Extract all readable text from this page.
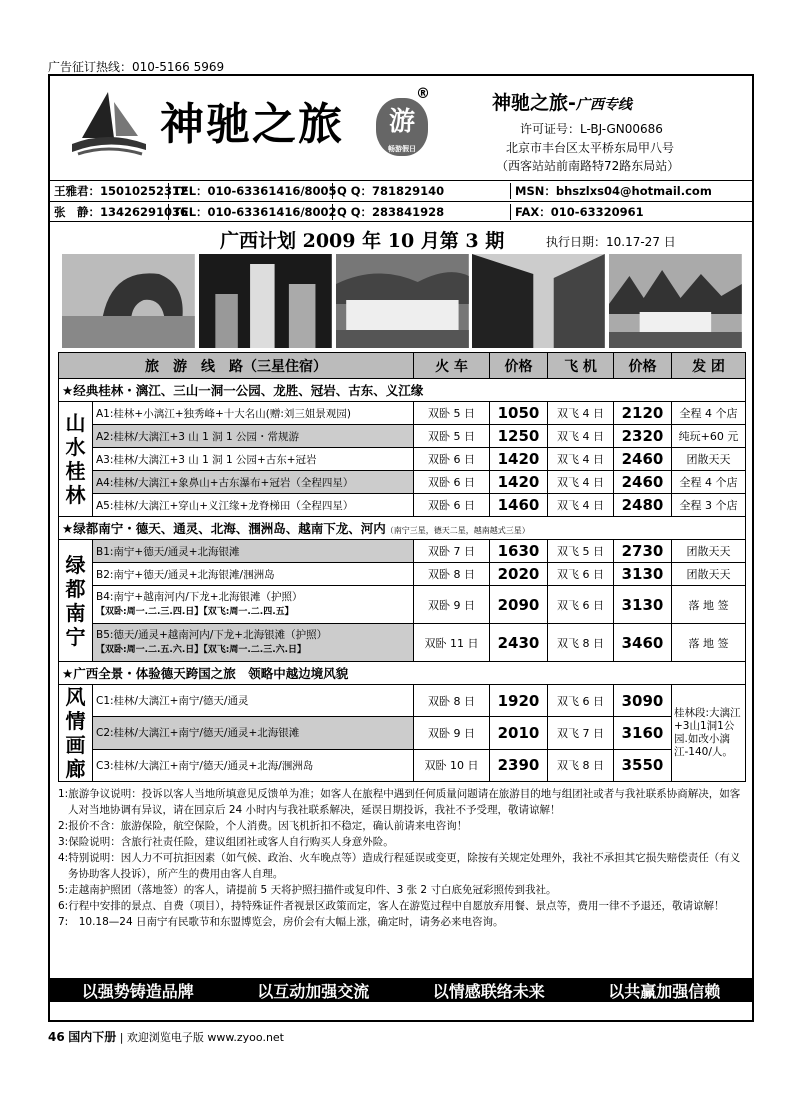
广告征订热线：010-5166 5969
神驰之旅	游
畅游假日
®	神驰之旅-广西专线
许可证号：L-BJ-GN00686
北京市丰台区太平桥东局甲八号
（西客站站前南路特72路东局站）
王雅君：15010252312
TEL：010-63361416/8005 Q Q：781829140	MSN：bhszlxs04@hotmail.com
张　静：13426291036
TEL：010-63361416/8002 Q Q：283841928	FAX：010-63320961
广西计划 2009 年 10 月第 3 期	执行日期：10.17-27 日
旅　游　线　路（三星住宿）		火 车	价格	飞 机	价格	发 团
★经典桂林・漓江、三山一洞一公园、龙胜、冠岩、古东、义江缘						
山水桂林	A1:桂林+小漓江+独秀峰+十大名山(赠:刘三姐景观园)	双卧 5 日	1050	双飞 4 日	2120	全程 4 个店
	A2:桂林/大漓江+3 山 1 洞 1 公园・常规游	双卧 5 日	1250	双飞 4 日	2320	纯玩+60 元
	A3:桂林/大漓江+3 山 1 洞 1 公园+古东+冠岩	双卧 6 日	1420	双飞 4 日	2460	团散天天
	A4:桂林/大漓江+象鼻山+古东瀑布+冠岩（全程四星）	双卧 6 日	1420	双飞 4 日	2460	全程 4 个店
	A5:桂林/大漓江+穿山+义江缘+龙脊梯田（全程四星）	双卧 6 日	1460	双飞 4 日	2480	全程 3 个店
★绿都南宁・德天、通灵、北海、涠洲岛、越南下龙、河内（南宁三星，德天二星，越南越式三星）						
绿都南宁	B1:南宁+德天/通灵+北海银滩	双卧 7 日	1630	双飞 5 日	2730	团散天天
	B2:南宁+德天/通灵+北海银滩/涠洲岛	双卧 8 日	2020	双飞 6 日	3130	团散天天
	B4:南宁+越南河内/下龙+北海银滩（护照）
【双卧:周一.二.三.四.日】【双飞:周一.二.四.五】	双卧 9 日	2090	双飞 6 日	3130	落 地 签
	B5:德天/通灵+越南河内/下龙+北海银滩（护照）
【双卧:周一.二.五.六.日】【双飞:周一.二.三.六.日】	双卧 11 日	2430	双飞 8 日	3460	落 地 签
★广西全景・体验德天跨国之旅　领略中越边境风貌						
风情画廊	C1:桂林/大漓江+南宁/德天/通灵	双卧 8 日	1920	双飞 6 日	3090	桂林段:大漓江+3山1洞1公园.如改小漓江-140/人。
	C2:桂林/大漓江+南宁/德天/通灵+北海银滩	双卧 9 日	2010	双飞 7 日	3160	
	C3:桂林/大漓江+南宁/德天/通灵+北海/涠洲岛	双卧 10 日	2390	双飞 8 日	3550	

1:旅游争议说明：投诉以客人当地所填意见反馈单为准；如客人在旅程中遇到任何质量问题请在旅游目的地与组团社或者与我社联系协商解决，如客人对当地协调有异议，请在回京后 24 小时内与我社联系解决，延误日期投诉，我社不予受理，敬请谅解！

2:报价不含：旅游保险，航空保险，个人消费。因飞机折扣不稳定，确认前请来电咨询！

3:保险说明：含旅行社责任险，建议组团社或客人自行购买人身意外险。

4:特别说明：因人力不可抗拒因素（如气候、政治、火车晚点等）造成行程延误或变更，除按有关规定处理外，我社不承担其它损失赔偿责任（有义务协助客人投诉），所产生的费用由客人自理。

5:走越南护照团（落地签）的客人，请提前 5 天将护照扫描件或复印件、3 张 2 寸白底免冠彩照传到我社。

6:行程中安排的景点、自费（项目），持特殊证件者视景区政策而定，客人在游览过程中自愿放弃用餐、景点等，费用一律不予退还，敬请谅解！

7:　10.18—24 日南宁有民歌节和东盟博览会，房价会有大幅上涨，确定时，请务必来电咨询。

以强势铸造品牌	以互动加强交流	以情感联络未来	以共赢加强信赖
46 国内下册 | 欢迎浏览电子版 www.zyoo.net
